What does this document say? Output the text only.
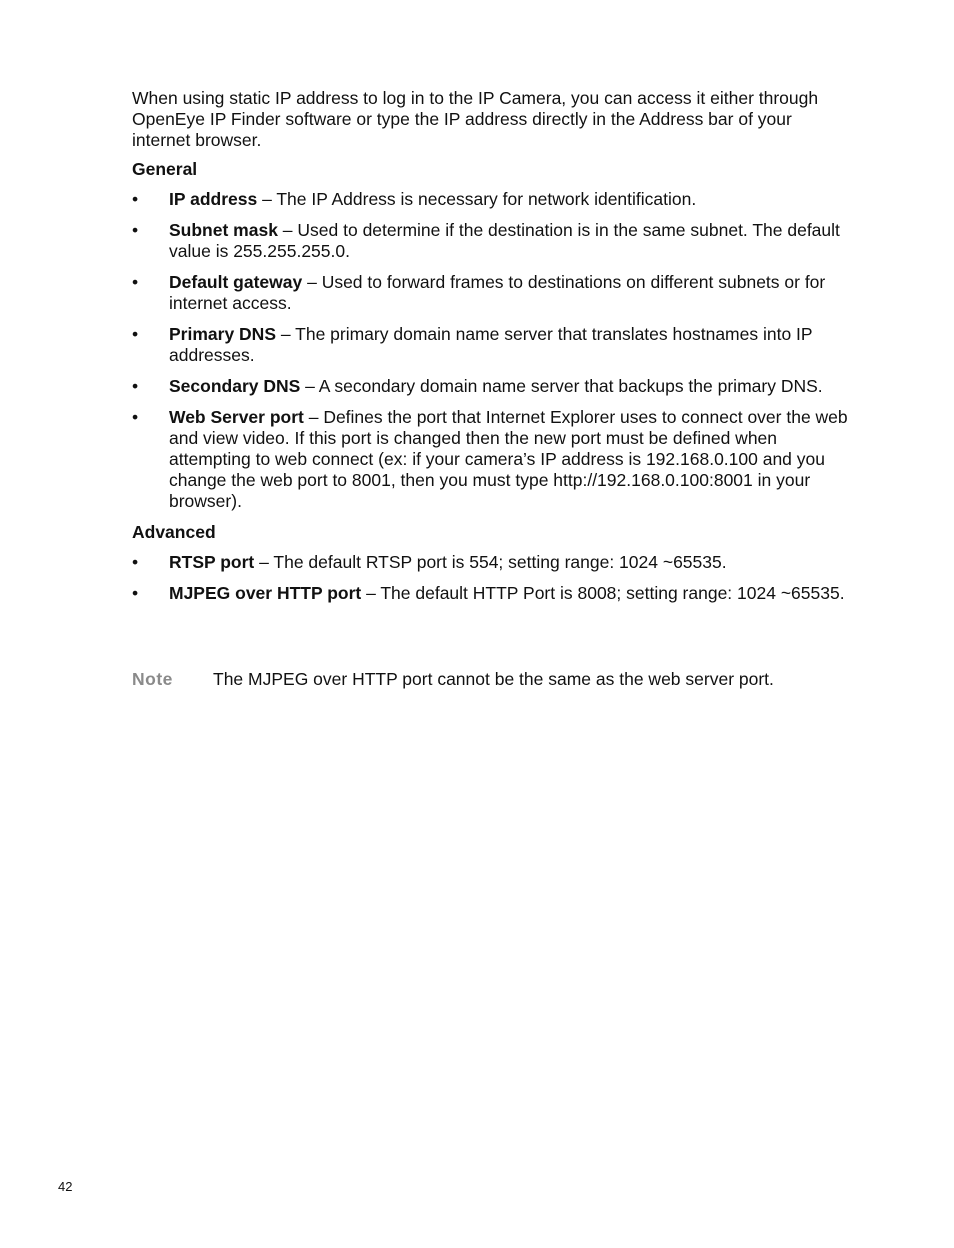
When using static IP address to log in to the IP Camera, you can access it either through OpenEye IP Finder software or type the IP address directly in the Address bar of your internet browser.

General
• IP address – The IP Address is necessary for network identification.
• Subnet mask – Used to determine if the destination is in the same subnet. The default value is 255.255.255.0.
• Default gateway – Used to forward frames to destinations on different subnets or for internet access.
• Primary DNS – The primary domain name server that translates hostnames into IP addresses.
• Secondary DNS – A secondary domain name server that backups the primary DNS.
• Web Server port – Defines the port that Internet Explorer uses to connect over the web and view video. If this port is changed then the new port must be defined when attempting to web connect (ex: if your camera’s IP address is 192.168.0.100 and you change the web port to 8001, then you must type http://192.168.0.100:8001 in your browser).
Advanced
• RTSP port – The default RTSP port is 554; setting range: 1024 ~65535.
• MJPEG over HTTP port – The default HTTP Port is 8008; setting range: 1024 ~65535.
Note	The MJPEG over HTTP port cannot be the same as the web server port.
42
